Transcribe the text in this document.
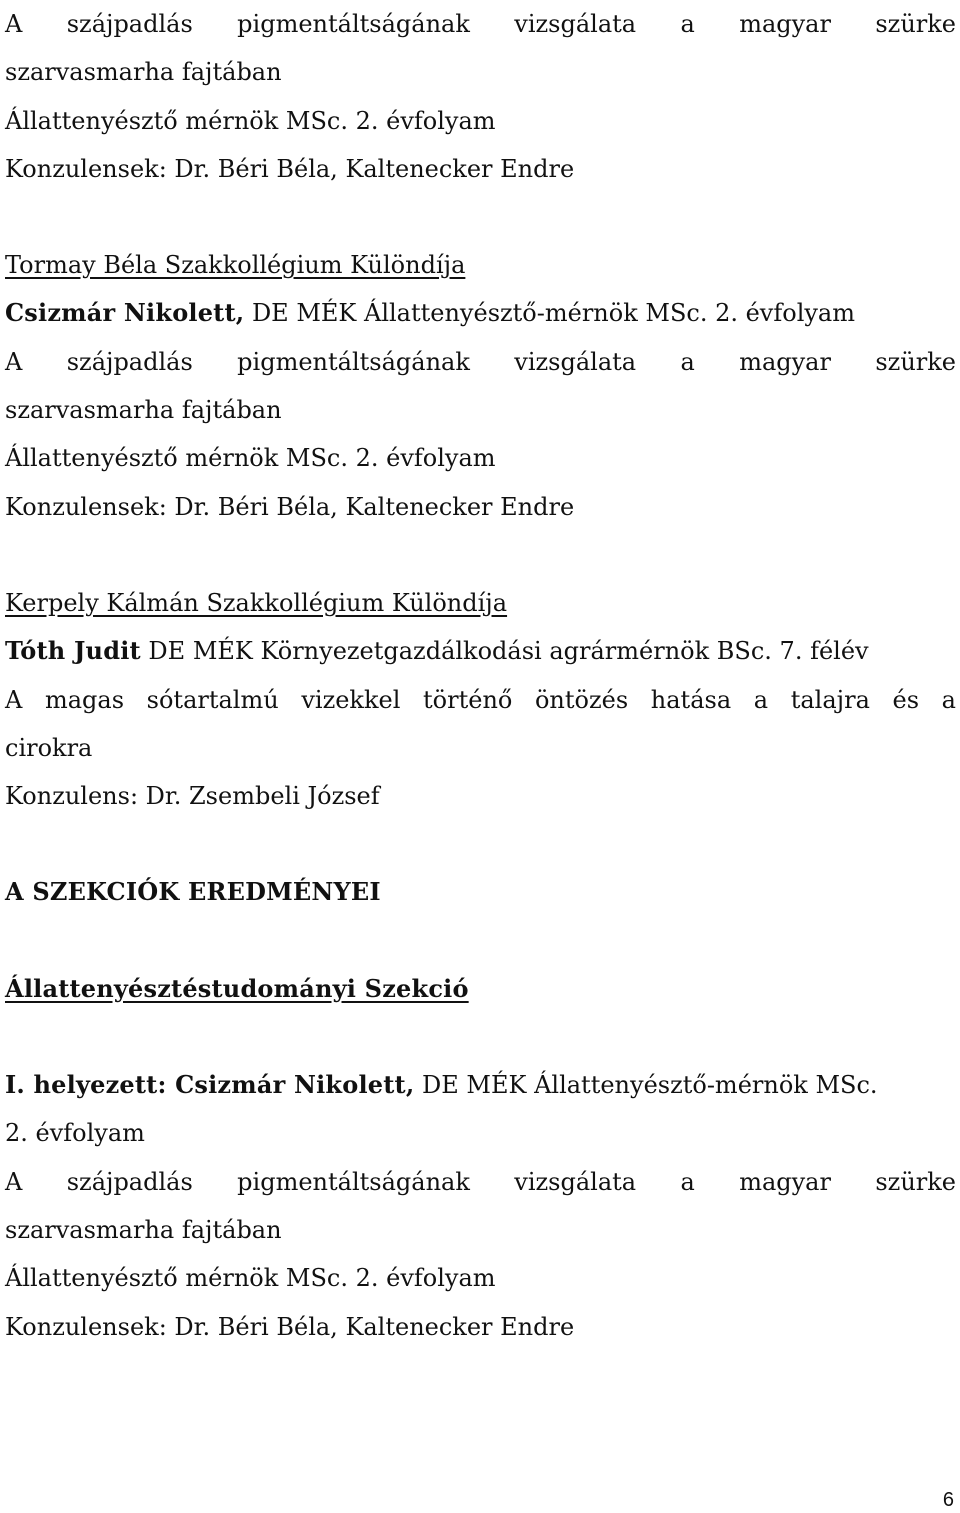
A szájpadlás pigmentáltságának vizsgálata a magyar szürke
szarvasmarha fajtában
Állattenyésztő mérnök MSc. 2. évfolyam
Konzulensek: Dr. Béri Béla, Kaltenecker Endre
Tormay Béla Szakkollégium Különdíja
Csizmár Nikolett, DE MÉK Állattenyésztő-mérnök MSc. 2. évfolyam
A szájpadlás pigmentáltságának vizsgálata a magyar szürke
szarvasmarha fajtában
Állattenyésztő mérnök MSc. 2. évfolyam
Konzulensek: Dr. Béri Béla, Kaltenecker Endre
Kerpely Kálmán Szakkollégium Különdíja
Tóth Judit DE MÉK Környezetgazdálkodási agrármérnök BSc. 7. félév
A magas sótartalmú vizekkel történő öntözés hatása a talajra és a
cirokra
Konzulens: Dr. Zsembeli József
A SZEKCIÓK EREDMÉNYEI
Állattenyésztéstudományi Szekció
I. helyezett: Csizmár Nikolett, DE MÉK Állattenyésztő-mérnök MSc.
2. évfolyam
A szájpadlás pigmentáltságának vizsgálata a magyar szürke
szarvasmarha fajtában
Állattenyésztő mérnök MSc. 2. évfolyam
Konzulensek: Dr. Béri Béla, Kaltenecker Endre
6
